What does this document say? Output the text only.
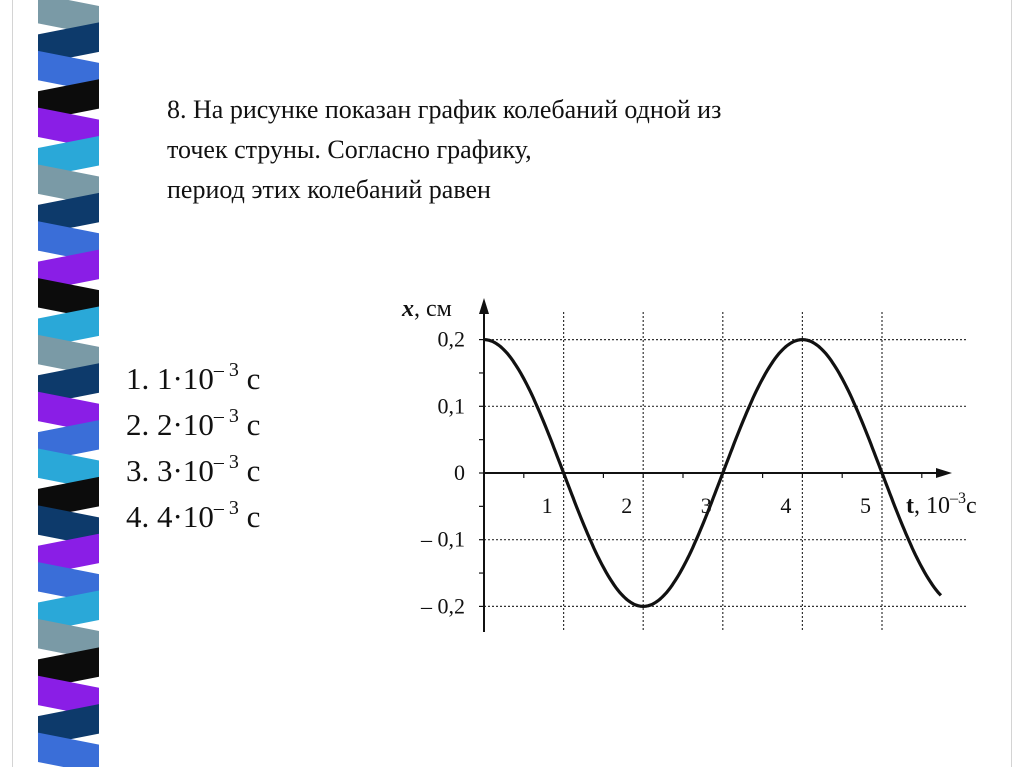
8. На рисунке показан график колебаний одной из
точек струны. Согласно графику,
период этих колебаний равен
1. $1\cdot 10^{- 3}$ с
2. $2\cdot 10^{- 3}$ с
3. $3\cdot 10^{- 3}$ с
4. $4\cdot 10^{- 3}$ с	1	2	3	4	5
0,2
0,1
0
– 0,1
– 0,2
x, см
t, $10^{-3}с$
